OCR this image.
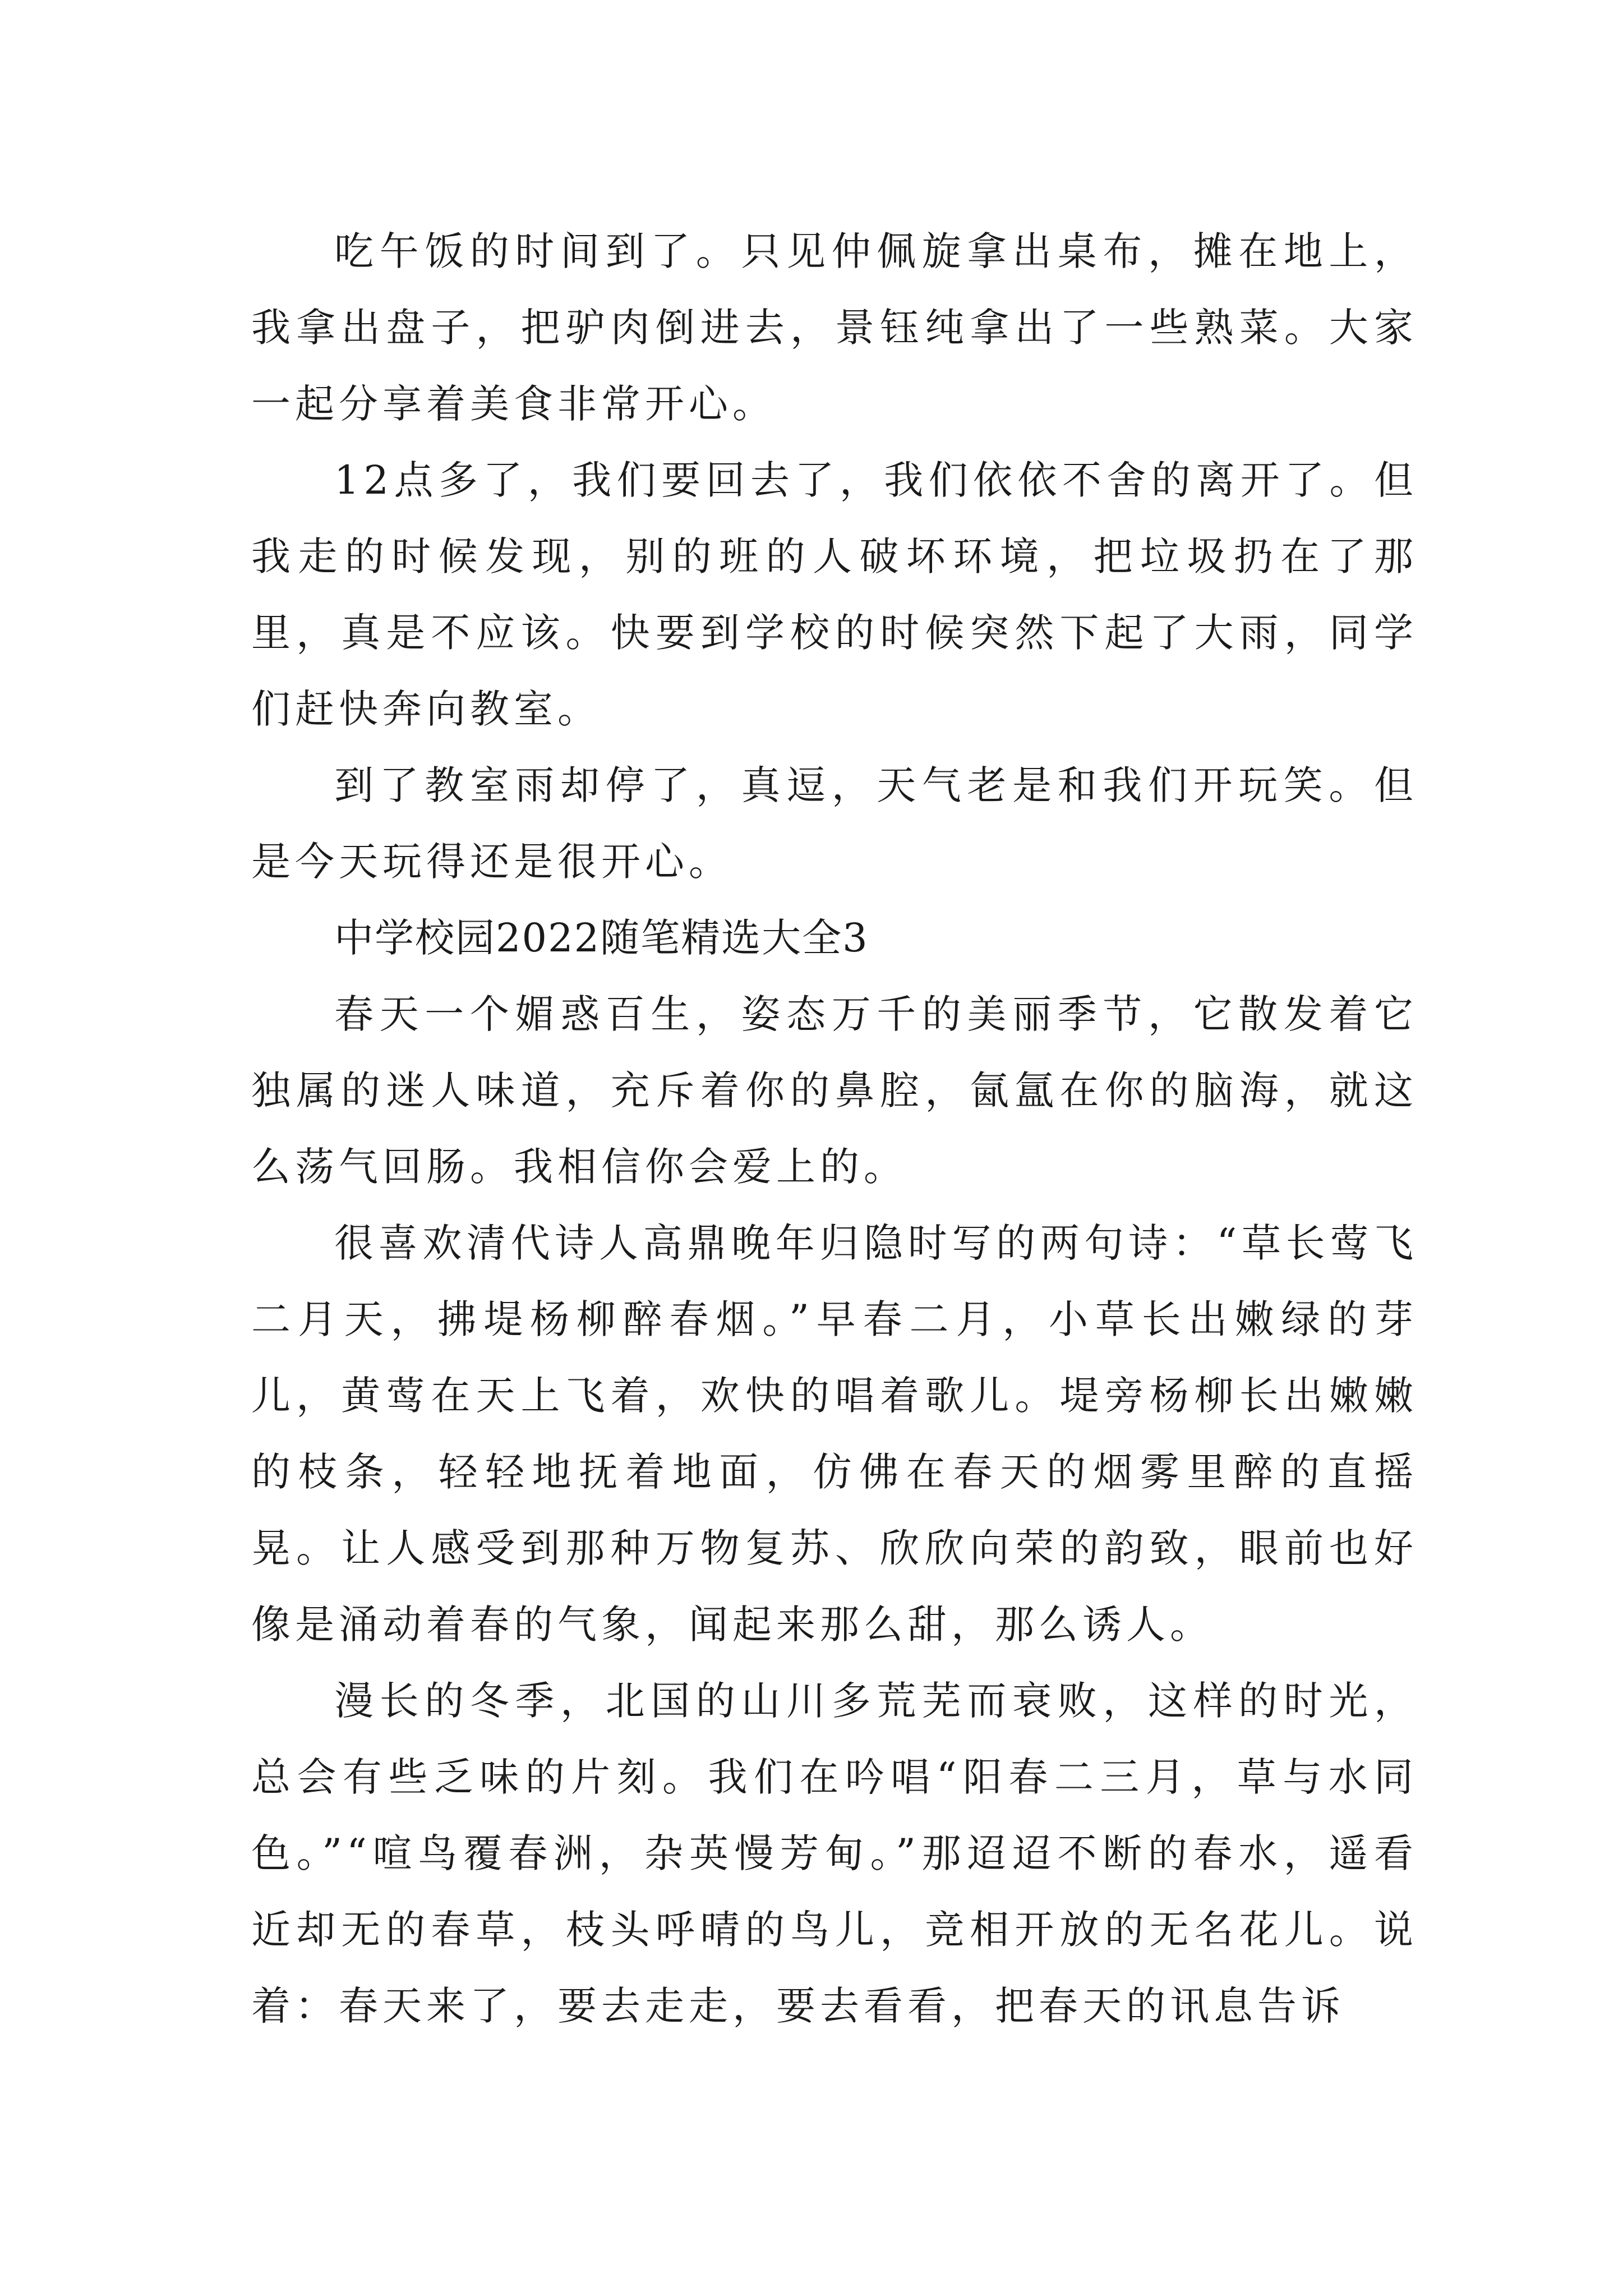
吃午饭的时间到了。只见仲佩旋拿出桌布，摊在地上，我拿出盘子，把驴肉倒进去，景钰纯拿出了一些熟菜。大家一起分享着美食非常开心。

12点多了，我们要回去了，我们依依不舍的离开了。但我走的时候发现，别的班的人破坏环境，把垃圾扔在了那里，真是不应该。快要到学校的时候突然下起了大雨，同学们赶快奔向教室。

到了教室雨却停了，真逗，天气老是和我们开玩笑。但是今天玩得还是很开心。

中学校园2022随笔精选大全3

春天一个媚惑百生，姿态万千的美丽季节，它散发着它独属的迷人味道，充斥着你的鼻腔，氤氲在你的脑海，就这么荡气回肠。我相信你会爱上的。

很喜欢清代诗人高鼎晚年归隐时写的两句诗：“草长莺飞二月天，拂堤杨柳醉春烟。”早春二月，小草长出嫩绿的芽儿，黄莺在天上飞着，欢快的唱着歌儿。堤旁杨柳长出嫩嫩的枝条，轻轻地抚着地面，仿佛在春天的烟雾里醉的直摇晃。让人感受到那种万物复苏、欣欣向荣的韵致，眼前也好像是涌动着春的气象，闻起来那么甜，那么诱人。

漫长的冬季，北国的山川多荒芜而衰败，这样的时光，总会有些乏味的片刻。我们在吟唱“阳春二三月，草与水同色。”“喧鸟覆春洲，杂英慢芳甸。”那迢迢不断的春水，遥看近却无的春草，枝头呼晴的鸟儿，竞相开放的无名花儿。说着：春天来了，要去走走，要去看看，把春天的讯息告诉
